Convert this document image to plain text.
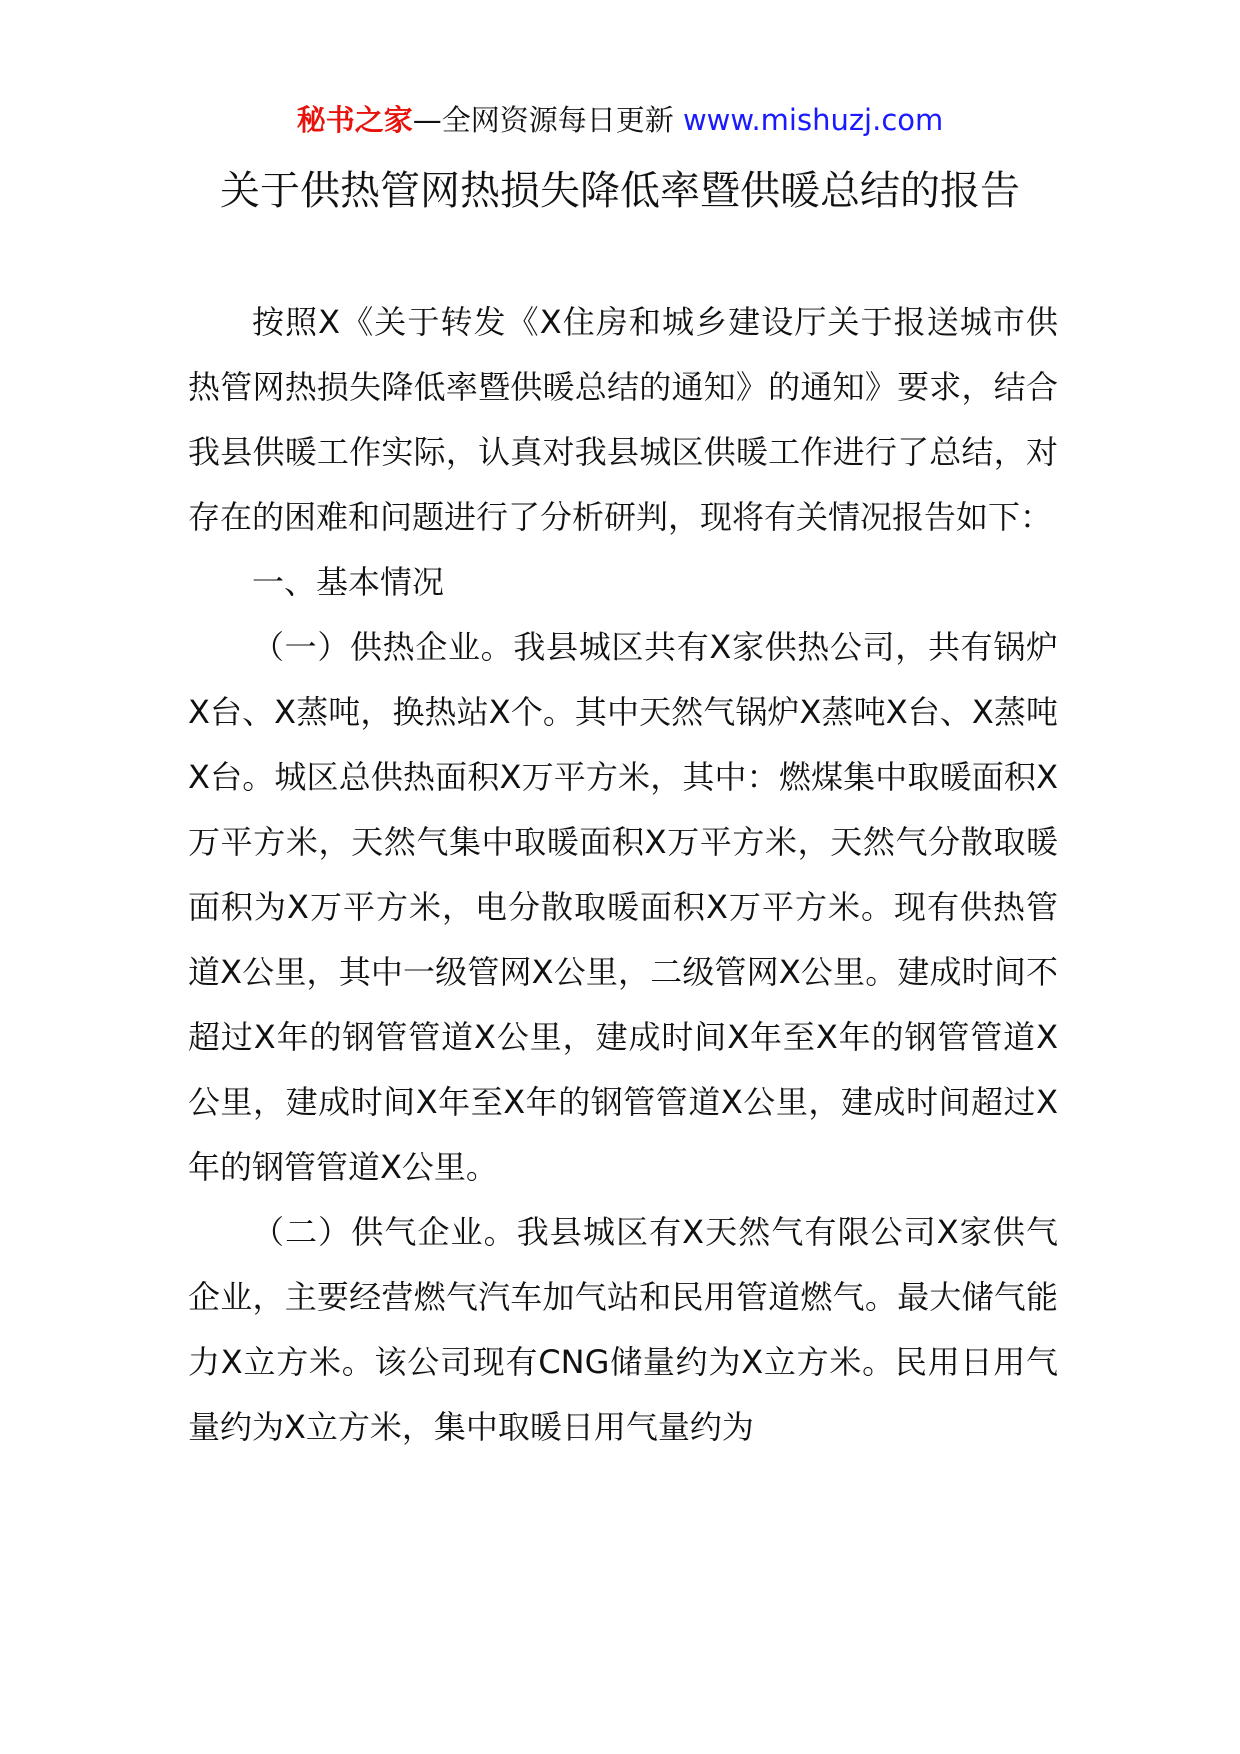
秘书之家—全网资源每日更新 www.mishuzj.com
关于供热管网热损失降低率暨供暖总结的报告

按照X《关于转发《X住房和城乡建设厅关于报送城市供热管网热损失降低率暨供暖总结的通知》的通知》要求，结合我县供暖工作实际，认真对我县城区供暖工作进行了总结，对存在的困难和问题进行了分析研判，现将有关情况报告如下：

一、基本情况

（一）供热企业。我县城区共有X家供热公司，共有锅炉X台、X蒸吨，换热站X个。其中天然气锅炉X蒸吨X台、X蒸吨X台。城区总供热面积X万平方米，其中：燃煤集中取暖面积X万平方米，天然气集中取暖面积X万平方米，天然气分散取暖面积为X万平方米，电分散取暖面积X万平方米。现有供热管道X公里，其中一级管网X公里，二级管网X公里。建成时间不超过X年的钢管管道X公里，建成时间X年至X年的钢管管道X公里，建成时间X年至X年的钢管管道X公里，建成时间超过X年的钢管管道X公里。

（二）供气企业。我县城区有X天然气有限公司X家供气企业，主要经营燃气汽车加气站和民用管道燃气。最大储气能力X立方米。该公司现有CNG储量约为X立方米。民用日用气量约为X立方米，集中取暖日用气量约为
